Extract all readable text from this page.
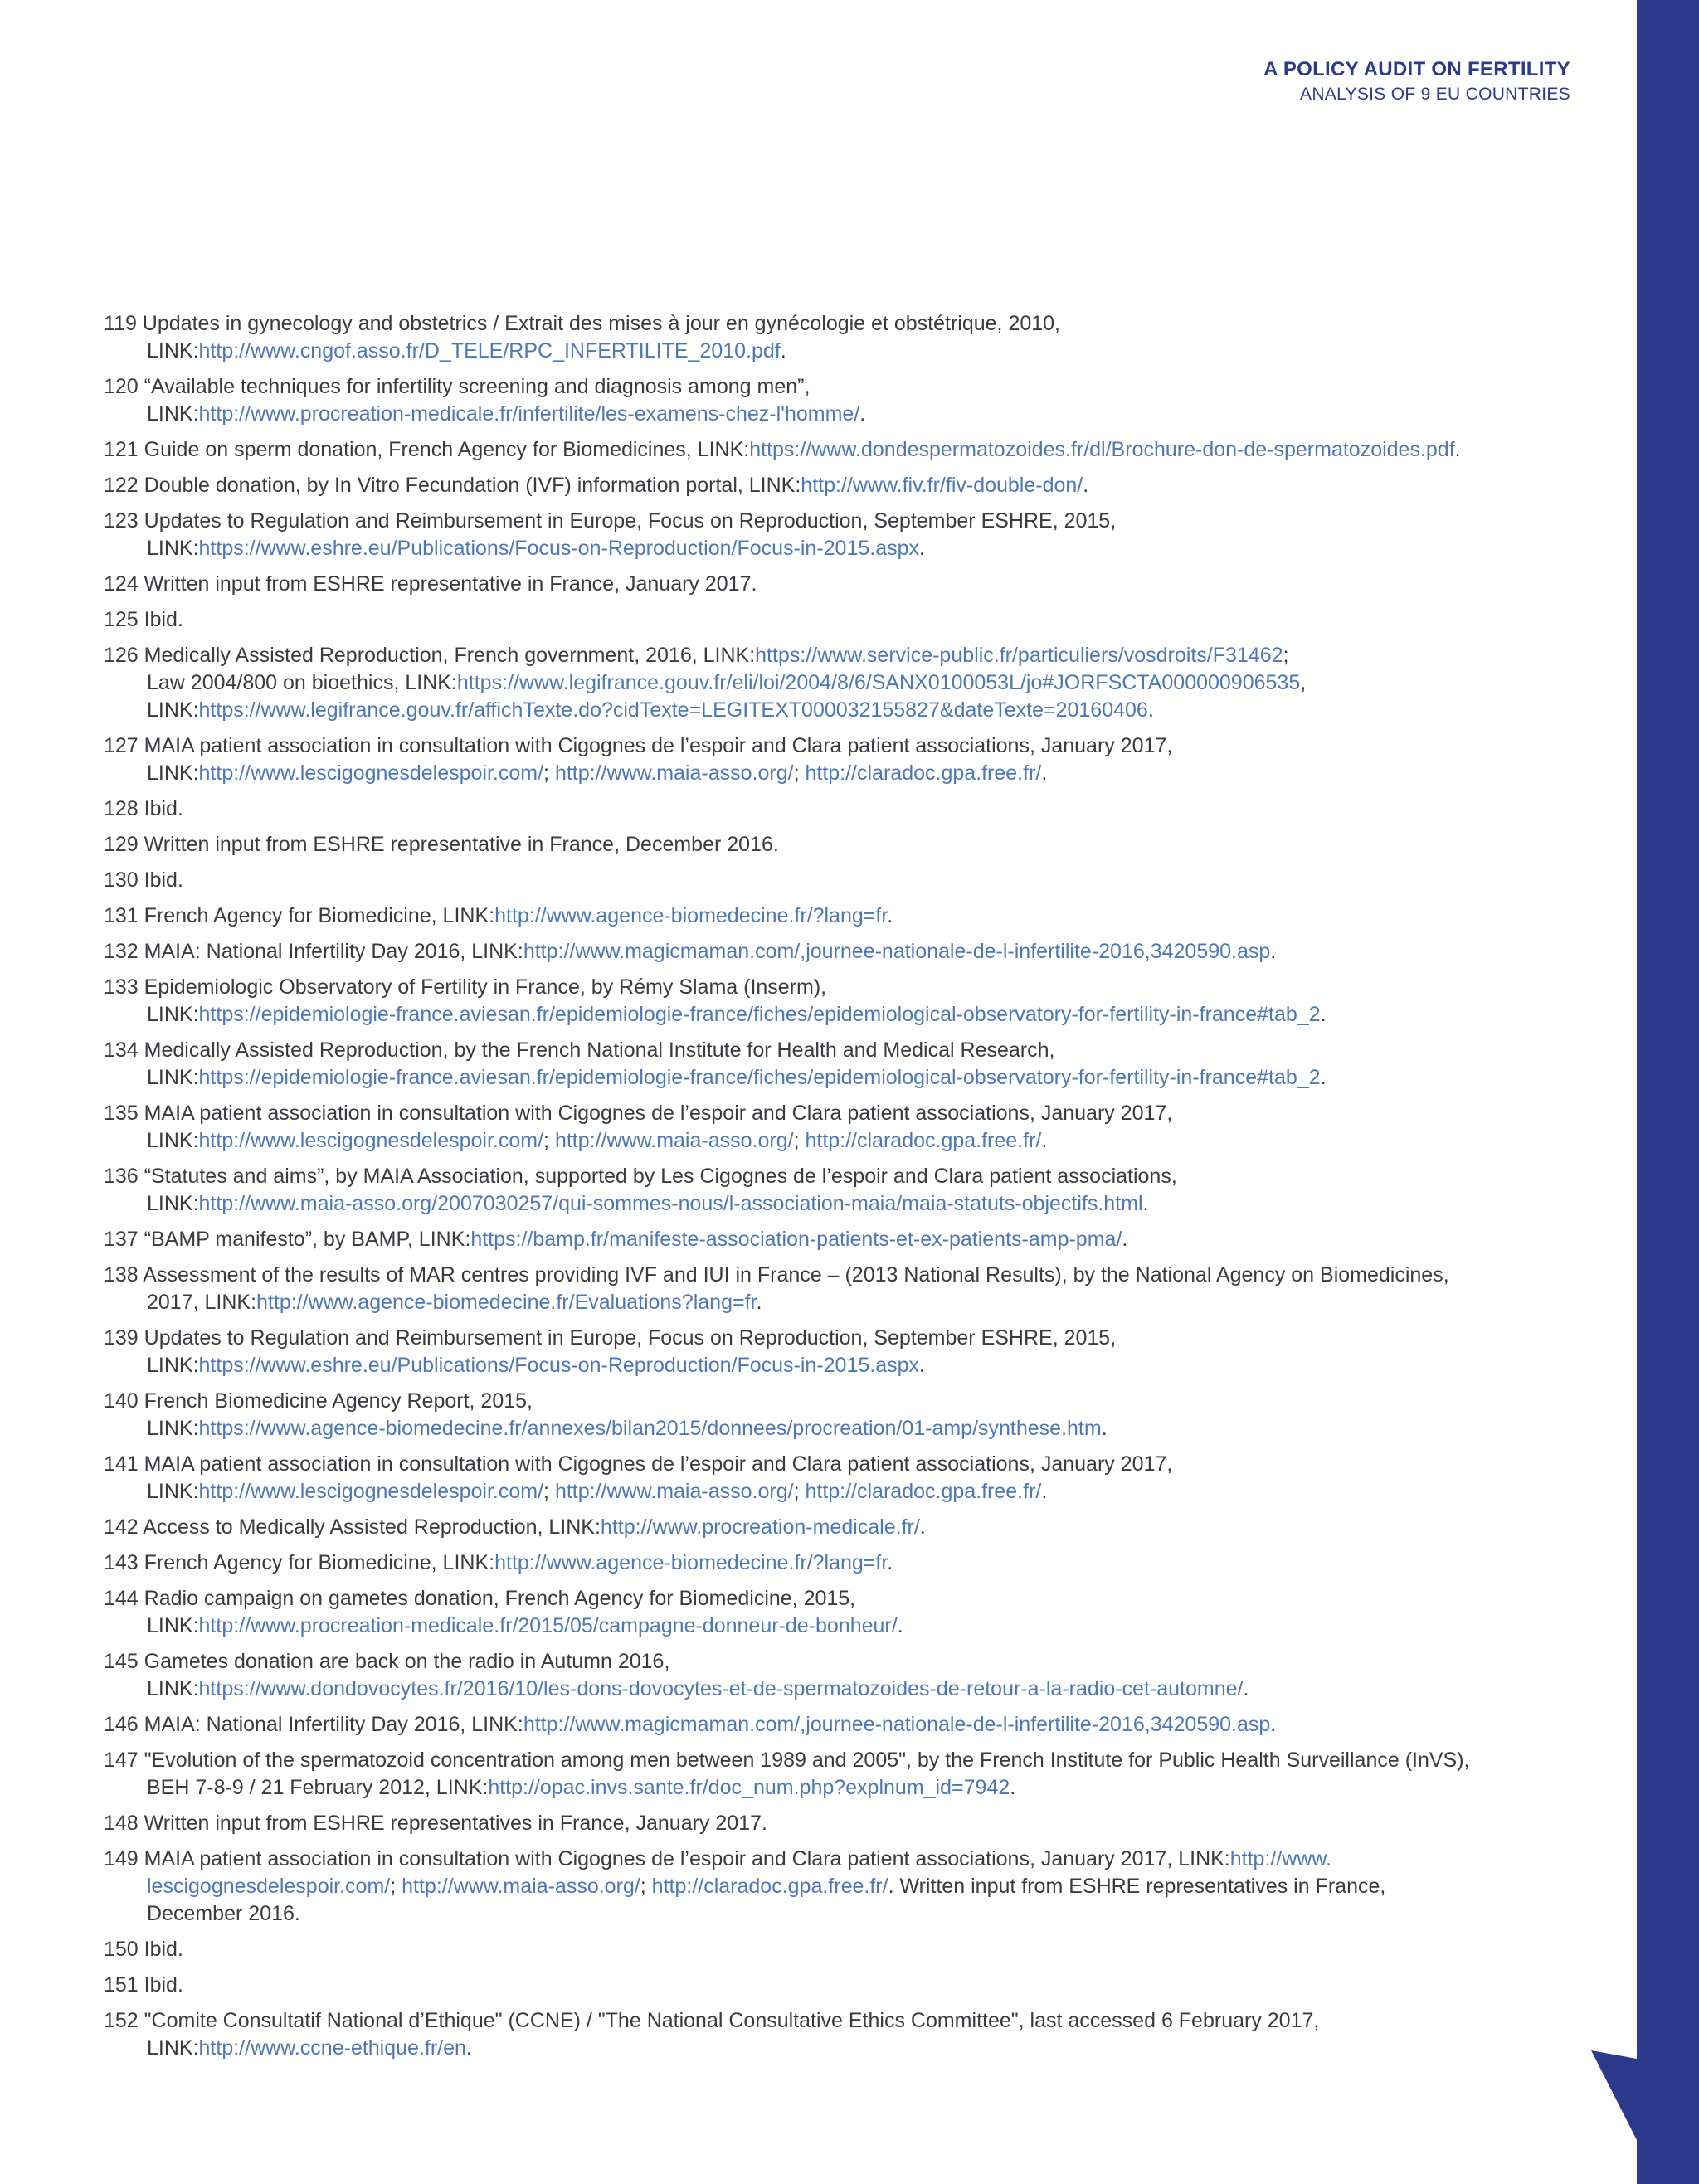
A POLICY AUDIT ON FERTILITY
ANALYSIS OF 9 EU COUNTRIES
119 Updates in gynecology and obstetrics / Extrait des mises à jour en gynécologie et obstétrique, 2010,
LINK:http://www.cngof.asso.fr/D_TELE/RPC_INFERTILITE_2010.pdf.
120 “Available techniques for infertility screening and diagnosis among men”,
LINK:http://www.procreation-medicale.fr/infertilite/les-examens-chez-l'homme/.
121 Guide on sperm donation, French Agency for Biomedicines, LINK:https://www.dondespermatozoides.fr/dl/Brochure-don-de-spermatozoides.pdf.
122 Double donation, by In Vitro Fecundation (IVF) information portal, LINK:http://www.fiv.fr/fiv-double-don/.
123 Updates to Regulation and Reimbursement in Europe, Focus on Reproduction, September ESHRE, 2015,
LINK:https://www.eshre.eu/Publications/Focus-on-Reproduction/Focus-in-2015.aspx.
124 Written input from ESHRE representative in France, January 2017.
125 Ibid.
126 Medically Assisted Reproduction, French government, 2016, LINK:https://www.service-public.fr/particuliers/vosdroits/F31462;
Law 2004/800 on bioethics, LINK:https://www.legifrance.gouv.fr/eli/loi/2004/8/6/SANX0100053L/jo#JORFSCTA000000906535,
LINK:https://www.legifrance.gouv.fr/affichTexte.do?cidTexte=LEGITEXT000032155827&dateTexte=20160406.
127 MAIA patient association in consultation with Cigognes de l’espoir and Clara patient associations, January 2017,
LINK:http://www.lescigognesdelespoir.com/; http://www.maia-asso.org/; http://claradoc.gpa.free.fr/.
128 Ibid.
129 Written input from ESHRE representative in France, December 2016.
130 Ibid.
131 French Agency for Biomedicine, LINK:http://www.agence-biomedecine.fr/?lang=fr.
132 MAIA: National Infertility Day 2016, LINK:http://www.magicmaman.com/,journee-nationale-de-l-infertilite-2016,3420590.asp.
133 Epidemiologic Observatory of Fertility in France, by Rémy Slama (Inserm),
LINK:https://epidemiologie-france.aviesan.fr/epidemiologie-france/fiches/epidemiological-observatory-for-fertility-in-france#tab_2.
134 Medically Assisted Reproduction, by the French National Institute for Health and Medical Research,
LINK:https://epidemiologie-france.aviesan.fr/epidemiologie-france/fiches/epidemiological-observatory-for-fertility-in-france#tab_2.
135 MAIA patient association in consultation with Cigognes de l’espoir and Clara patient associations, January 2017,
LINK:http://www.lescigognesdelespoir.com/; http://www.maia-asso.org/; http://claradoc.gpa.free.fr/.
136 “Statutes and aims”, by MAIA Association, supported by Les Cigognes de l’espoir and Clara patient associations,
LINK:http://www.maia-asso.org/2007030257/qui-sommes-nous/l-association-maia/maia-statuts-objectifs.html.
137 “BAMP manifesto”, by BAMP, LINK:https://bamp.fr/manifeste-association-patients-et-ex-patients-amp-pma/.
138 Assessment of the results of MAR centres providing IVF and IUI in France – (2013 National Results), by the National Agency on Biomedicines,
2017, LINK:http://www.agence-biomedecine.fr/Evaluations?lang=fr.
139 Updates to Regulation and Reimbursement in Europe, Focus on Reproduction, September ESHRE, 2015,
LINK:https://www.eshre.eu/Publications/Focus-on-Reproduction/Focus-in-2015.aspx.
140 French Biomedicine Agency Report, 2015,
LINK:https://www.agence-biomedecine.fr/annexes/bilan2015/donnees/procreation/01-amp/synthese.htm.
141 MAIA patient association in consultation with Cigognes de l’espoir and Clara patient associations, January 2017,
LINK:http://www.lescigognesdelespoir.com/; http://www.maia-asso.org/; http://claradoc.gpa.free.fr/.
142 Access to Medically Assisted Reproduction, LINK:http://www.procreation-medicale.fr/.
143 French Agency for Biomedicine, LINK:http://www.agence-biomedecine.fr/?lang=fr.
144 Radio campaign on gametes donation, French Agency for Biomedicine, 2015,
LINK:http://www.procreation-medicale.fr/2015/05/campagne-donneur-de-bonheur/.
145 Gametes donation are back on the radio in Autumn 2016,
LINK:https://www.dondovocytes.fr/2016/10/les-dons-dovocytes-et-de-spermatozoides-de-retour-a-la-radio-cet-automne/.
146 MAIA: National Infertility Day 2016, LINK:http://www.magicmaman.com/,journee-nationale-de-l-infertilite-2016,3420590.asp.
147 "Evolution of the spermatozoid concentration among men between 1989 and 2005", by the French Institute for Public Health Surveillance (InVS),
BEH 7-8-9 / 21 February 2012, LINK:http://opac.invs.sante.fr/doc_num.php?explnum_id=7942.
148 Written input from ESHRE representatives in France, January 2017.
149 MAIA patient association in consultation with Cigognes de l’espoir and Clara patient associations, January 2017, LINK:http://www.
lescigognesdelespoir.com/; http://www.maia-asso.org/; http://claradoc.gpa.free.fr/. Written input from ESHRE representatives in France,
December 2016.
150 Ibid.
151 Ibid.
152 "Comite Consultatif National d’Ethique" (CCNE) / "The National Consultative Ethics Committee", last accessed 6 February 2017,
LINK:http://www.ccne-ethique.fr/en.
63
